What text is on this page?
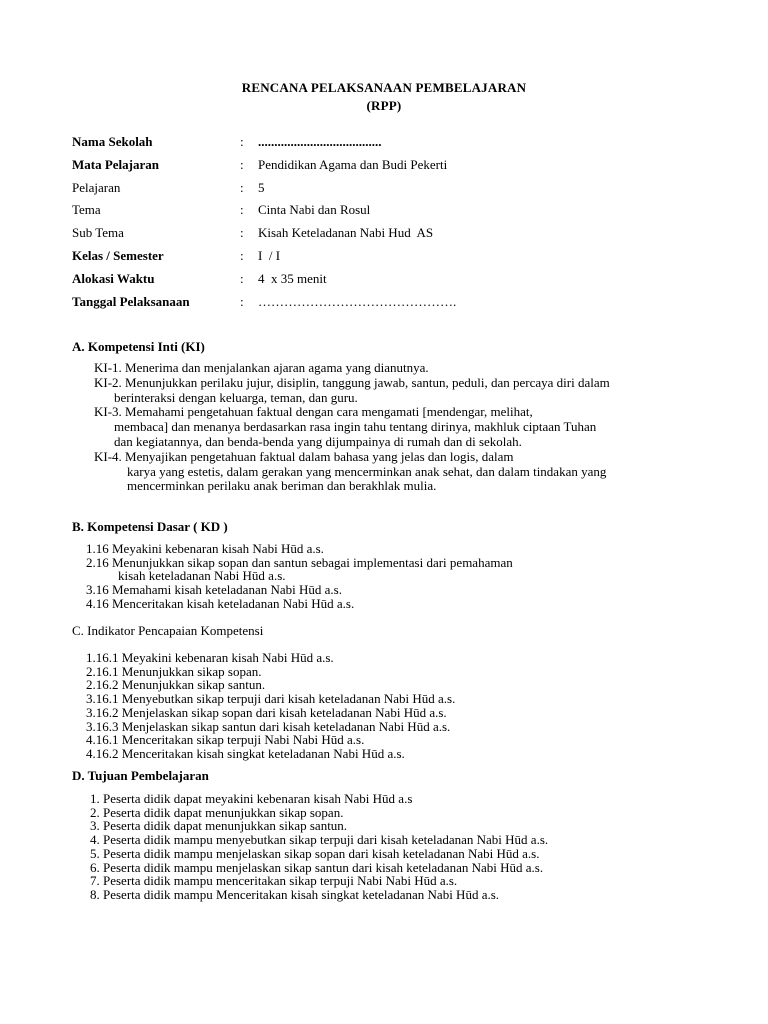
RENCANA PELAKSANAAN PEMBELAJARAN
(RPP)
Nama Sekolah	: ......................................
Mata Pelajaran	: Pendidikan Agama dan Budi Pekerti
Pelajaran	: 5
Tema	: Cinta Nabi dan Rosul
Sub Tema	: Kisah Keteladanan Nabi Hud  AS
Kelas / Semester	: I  / I
Alokasi Waktu	: 4  x 35 menit
Tanggal Pelaksanaan	: ……………………………………….
A. Kompetensi Inti (KI)
KI-1. Menerima dan menjalankan ajaran agama yang dianutnya.
KI-2. Menunjukkan perilaku jujur, disiplin, tanggung jawab, santun, peduli, dan percaya diri dalam
berinteraksi dengan keluarga, teman, dan guru.
KI-3. Memahami pengetahuan faktual dengan cara mengamati [mendengar, melihat,
membaca] dan menanya berdasarkan rasa ingin tahu tentang dirinya, makhluk ciptaan Tuhan
dan kegiatannya, dan benda-benda yang dijumpainya di rumah dan di sekolah.
KI-4. Menyajikan pengetahuan faktual dalam bahasa yang jelas dan logis, dalam
karya yang estetis, dalam gerakan yang mencerminkan anak sehat, dan dalam tindakan yang
mencerminkan perilaku anak beriman dan berakhlak mulia.
B. Kompetensi Dasar ( KD )
1.16 Meyakini kebenaran kisah Nabi Hūd a.s.
2.16 Menunjukkan sikap sopan dan santun sebagai implementasi dari pemahaman
kisah keteladanan Nabi Hūd a.s.
3.16 Memahami kisah keteladanan Nabi Hūd a.s.
4.16 Menceritakan kisah keteladanan Nabi Hūd a.s.
C. Indikator Pencapaian Kompetensi
1.16.1 Meyakini kebenaran kisah Nabi Hūd a.s.
2.16.1 Menunjukkan sikap sopan.
2.16.2 Menunjukkan sikap santun.
3.16.1 Menyebutkan sikap terpuji dari kisah keteladanan Nabi Hūd a.s.
3.16.2 Menjelaskan sikap sopan dari kisah keteladanan Nabi Hūd a.s.
3.16.3 Menjelaskan sikap santun dari kisah keteladanan Nabi Hūd a.s.
4.16.1 Menceritakan sikap terpuji Nabi Nabi Hūd a.s.
4.16.2 Menceritakan kisah singkat keteladanan Nabi Hūd a.s.
D. Tujuan Pembelajaran
1. Peserta didik dapat meyakini kebenaran kisah Nabi Hūd a.s
2. Peserta didik dapat menunjukkan sikap sopan.
3. Peserta didik dapat menunjukkan sikap santun.
4. Peserta didik mampu menyebutkan sikap terpuji dari kisah keteladanan Nabi Hūd a.s.
5. Peserta didik mampu menjelaskan sikap sopan dari kisah keteladanan Nabi Hūd a.s.
6. Peserta didik mampu menjelaskan sikap santun dari kisah keteladanan Nabi Hūd a.s.
7. Peserta didik mampu menceritakan sikap terpuji Nabi Nabi Hūd a.s.
8. Peserta didik mampu Menceritakan kisah singkat keteladanan Nabi Hūd a.s.
